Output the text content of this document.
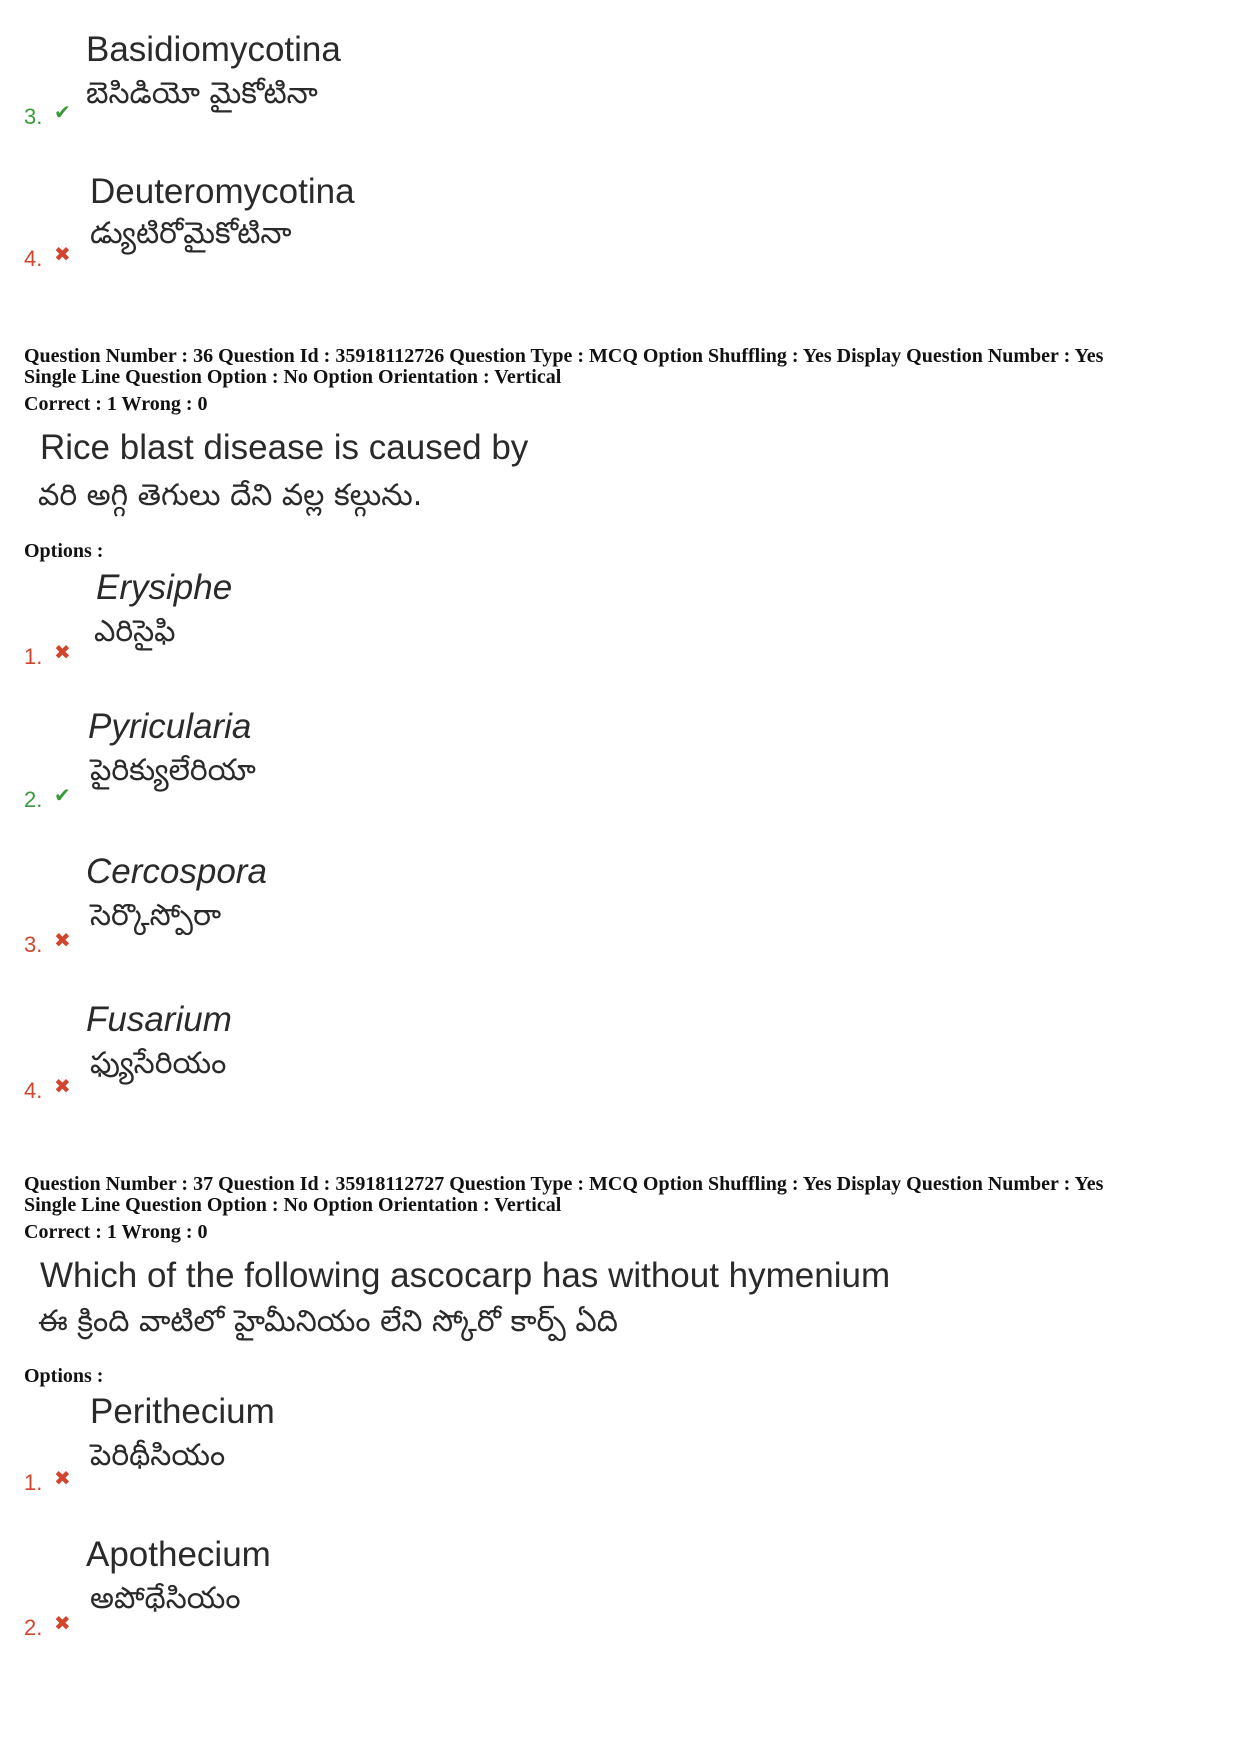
Basidiomycotina
బెసిడియో మైకోటినా
3. ✔
Deuteromycotina
డ్యుటిరోమైకోటినా
4. ✖
Question Number : 36 Question Id : 35918112726 Question Type : MCQ Option Shuffling : Yes Display Question Number : Yes
Single Line Question Option : No Option Orientation : Vertical
Correct : 1 Wrong : 0
Rice blast disease is caused by
వరి అగ్గి తెగులు దేని వల్ల కల్గును.
Options :
Erysiphe
ఎరిసైఫి
1. ✖
Pyricularia
పైరిక్యులేరియా
2. ✔
Cercospora
సెర్కొస్పోరా
3. ✖
Fusarium
ఫ్యుసేరియం
4. ✖
Question Number : 37 Question Id : 35918112727 Question Type : MCQ Option Shuffling : Yes Display Question Number : Yes
Single Line Question Option : No Option Orientation : Vertical
Correct : 1 Wrong : 0
Which of the following ascocarp has without hymenium
ఈ క్రింది వాటిలో హైమీనియం లేని స్కోరో కార్ప్ ఏది
Options :
Perithecium
పెరిథీసియం
1. ✖
Apothecium
అపోథేసియం
2. ✖
